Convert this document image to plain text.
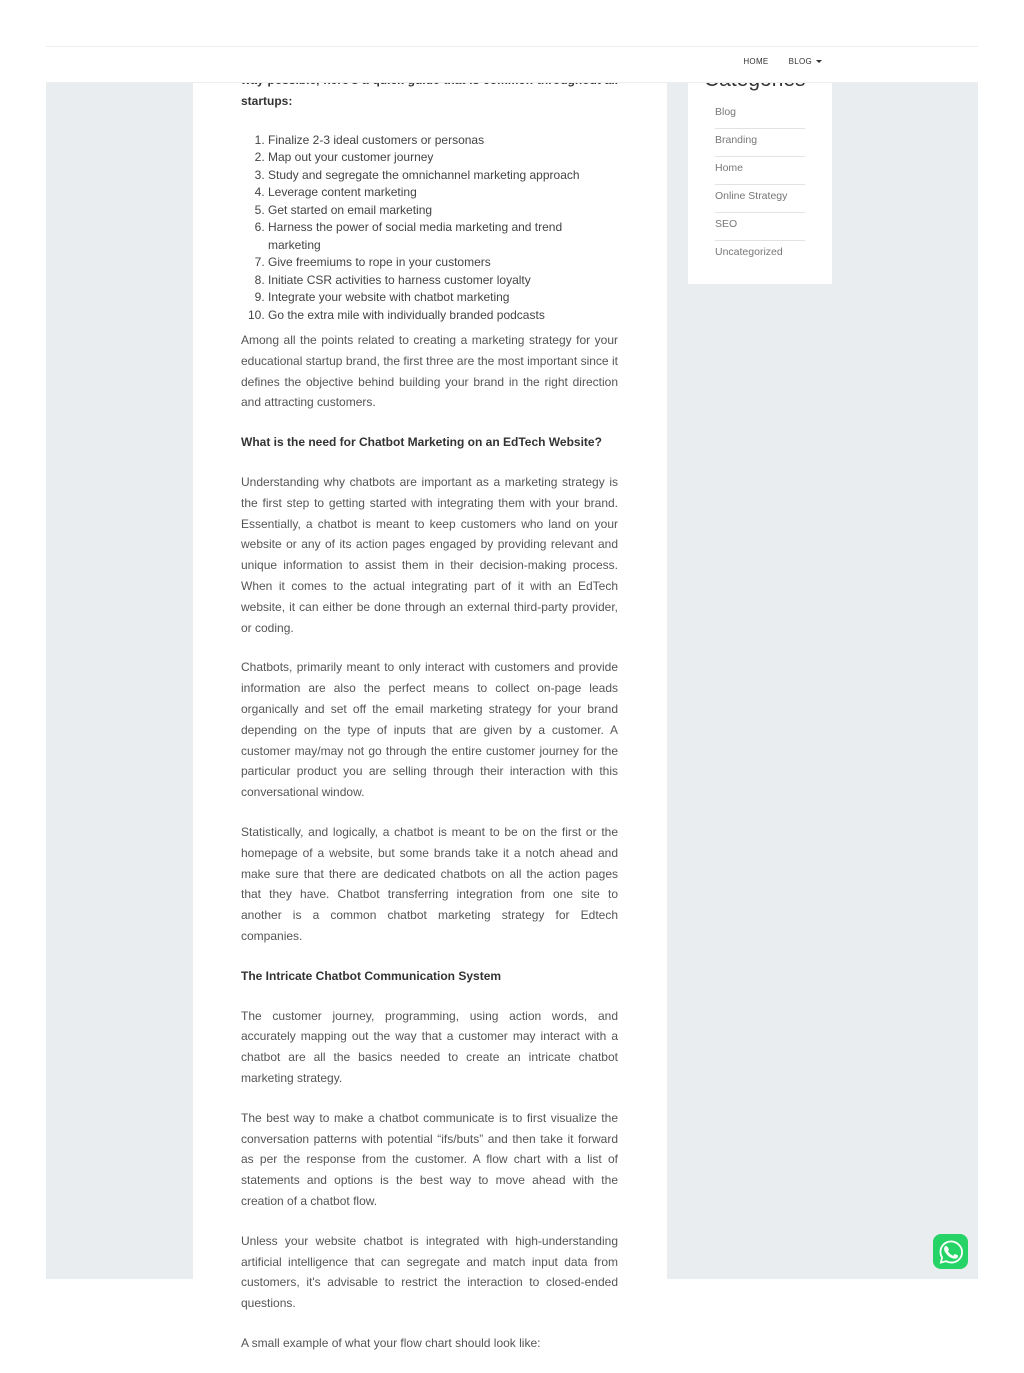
startups:

1. Finalize 2-3 ideal customers or personas
2. Map out your customer journey
3. Study and segregate the omnichannel marketing approach
4. Leverage content marketing
5. Get started on email marketing
6. Harness the power of social media marketing and trend marketing
7. Give freemiums to rope in your customers
8. Initiate CSR activities to harness customer loyalty
9. Integrate your website with chatbot marketing
10. Go the extra mile with individually branded podcasts

Among all the points related to creating a marketing strategy for your educational startup brand, the first three are the most important since it defines the objective behind building your brand in the right direction and attracting customers.

What is the need for Chatbot Marketing on an EdTech Website?

Understanding why chatbots are important as a marketing strategy is the first step to getting started with integrating them with your brand. Essentially, a chatbot is meant to keep customers who land on your website or any of its action pages engaged by providing relevant and unique information to assist them in their decision-making process. When it comes to the actual integrating part of it with an EdTech website, it can either be done through an external third-party provider, or coding.

Chatbots, primarily meant to only interact with customers and provide information are also the perfect means to collect on-page leads organically and set off the email marketing strategy for your brand depending on the type of inputs that are given by a customer. A customer may/may not go through the entire customer journey for the particular product you are selling through their interaction with this conversational window.

Statistically, and logically, a chatbot is meant to be on the first or the homepage of a website, but some brands take it a notch ahead and make sure that there are dedicated chatbots on all the action pages that they have. Chatbot transferring integration from one site to another is a common chatbot marketing strategy for Edtech companies.

The Intricate Chatbot Communication System

The customer journey, programming, using action words, and accurately mapping out the way that a customer may interact with a chatbot are all the basics needed to create an intricate chatbot marketing strategy.

The best way to make a chatbot communicate is to first visualize the conversation patterns with potential “ifs/buts” and then take it forward as per the response from the customer. A flow chart with a list of statements and options is the best way to move ahead with the creation of a chatbot flow.

Unless your website chatbot is integrated with high-understanding artificial intelligence that can segregate and match input data from customers, it's advisable to restrict the interaction to closed-ended questions.

A small example of what your flow chart should look like:

HOME	BLOG
Blog
Branding
Home
Online Strategy
SEO
Uncategorized
